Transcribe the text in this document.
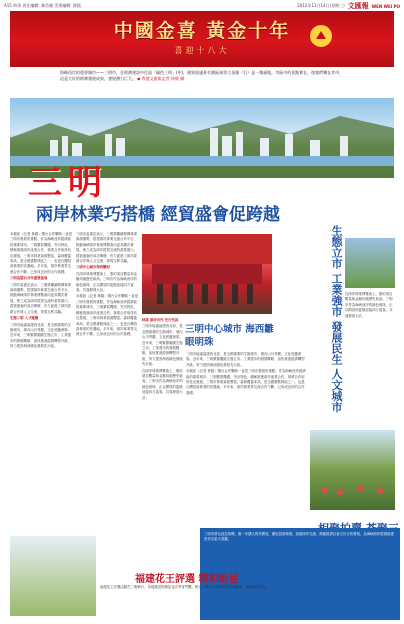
A15 時事 責任編輯: 黎美珊 美術編輯: 鄧銘	2012年11月14日(星期三) 文匯報 WEN WEI PO
中國金喜 黃金十年
喜迎十八大
海峽西岸的重要城市——三明市，在經濟建設中打造「綠色三明」(中)，國家級風景名勝區泰寧大金湖（右）是一塊福地。市區中的景點實在，遊客們樂在其中，這是大好的經濟發展成果，發展潛力巨大。 ◆ 香港文匯報記者 林健 攝
三明
兩岸林業巧搭橋 經貿盛會促跨越

本報訊（記者 林健）閩台合作戰略一直是三明市發展的重點。作為海峽西岸經濟區的重要城市，三明緊抓機遇，突出特色，積極推進兩岸產業合作，林業合作取得長足發展。三明市林業資源豐富，森林覆蓋率高，是全國重點林區之一，也是台灣投資林業的首選地。多年來，兩岸林業界交流合作不斷，已形成良好的合作基礎。

三明為閩台合作重要基地

三明市委書記表示，三明將繼續發揮林業資源優勢，搭建兩岸林業交流合作平台，推動海峽兩岸林業博覽會向更高層次發展，使之成為兩岸經貿交流的重要窗口。經貿盛會的成功舉辦，有力促進了兩岸經濟合作與人文交流，實現互利共贏。

生態三明 人才匯聚

三明市地處福建西北部，是全國重要的生態城市，境內山川秀麗，文化底蘊深厚。近年來，三明緊緊圍繞生態立市、工業強市的發展戰略，加快推進經濟轉型升級，努力建設海西綠色發展先行區。

三明市委書記表示，三明將繼續發揮林業資源優勢，搭建兩岸林業交流合作平台，推動海峽兩岸林業博覽會向更高層次發展，使之成為兩岸經貿交流的重要窗口。經貿盛會的成功舉辦，有力促進了兩岸經濟合作與人文交流，實現互利共贏。

三明中心城市海西雛形

在兩岸林業博覽會上，簽約項目數量和金額均創歷史新高。三明市作為海峽西岸的綠色明珠，正以開放的姿態迎接四方賓客，共謀發展大計。

本報訊（記者 林健）閩台合作戰略一直是三明市發展的重點。作為海峽西岸經濟區的重要城市，三明緊抓機遇，突出特色，積極推進兩岸產業合作，林業合作取得長足發展。三明市林業資源豐富，森林覆蓋率高，是全國重點林區之一，也是台灣投資林業的首選地。多年來，兩岸林業界交流合作不斷，已形成良好的合作基礎。

林業 兩岸合作 先行先試

三明市地處福建西北部，是全國重要的生態城市，境內山川秀麗，文化底蘊深厚。近年來，三明緊緊圍繞生態立市、工業強市的發展戰略，加快推進經濟轉型升級，努力建設海西綠色發展先行區。

在兩岸林業博覽會上，簽約項目數量和金額均創歷史新高。三明市作為海峽西岸的綠色明珠，正以開放的姿態迎接四方賓客，共謀發展大計。

三明中心城市 海西雛眼明珠

三明市地處福建西北部，是全國重要的生態城市，境內山川秀麗，文化底蘊深厚。近年來，三明緊緊圍繞生態立市、工業強市的發展戰略，加快推進經濟轉型升級，努力建設海西綠色發展先行區。

本報訊（記者 林健）閩台合作戰略一直是三明市發展的重點。作為海峽西岸經濟區的重要城市，三明緊抓機遇，突出特色，積極推進兩岸產業合作，林業合作取得長足發展。三明市林業資源豐富，森林覆蓋率高，是全國重點林區之一，也是台灣投資林業的首選地。多年來，兩岸林業界交流合作不斷，已形成良好的合作基礎。	生態立市 工業強市 發展民生 人文城市 在兩岸林業博覽會上，簽約項目數量和金額均創歷史新高。三明市作為海峽西岸的綠色明珠，正以開放的姿態迎接四方賓客，共謀發展大計。

三明市將以此為契機，進一步擴大對外開放，優化投資環境，加強兩岸交流，推動經濟社會又好又快發展，為海峽西岸經濟區建設作出更大貢獻。
福建花王評選 精彩紛呈
福建花王評選活動在三明舉行，各地選送的精品花卉爭奇鬥艷，吸引了眾多市民和遊客前來觀賞，活動精彩紛呈。
